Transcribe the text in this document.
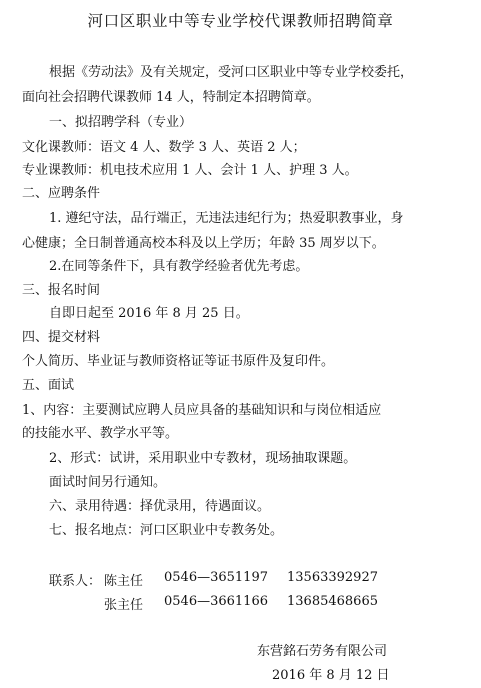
河口区职业中等专业学校代课教师招聘简章
根据《劳动法》及有关规定，受河口区职业中等专业学校委托，
面向社会招聘代课教师 14 人，特制定本招聘简章。
一、拟招聘学科（专业）
文化课教师：语文 4 人、数学 3 人、英语 2 人；
专业课教师：机电技术应用 1 人、会计 1 人、护理 3 人。
二、应聘条件
1. 遵纪守法，品行端正，无违法违纪行为；热爱职教事业，身
心健康；全日制普通高校本科及以上学历；年龄 35 周岁以下。
2.在同等条件下，具有教学经验者优先考虑。
三、报名时间
自即日起至 2016 年 8 月 25 日。
四、提交材料
个人简历、毕业证与教师资格证等证书原件及复印件。
五、面试
1、内容：主要测试应聘人员应具备的基础知识和与岗位相适应
的技能水平、教学水平等。
2、形式：试讲，采用职业中专教材，现场抽取课题。
面试时间另行通知。
六、录用待遇：择优录用，待遇面议。
七、报名地点：河口区职业中专教务处。
联系人： 陈主任 0546—3651197 13563392927
张主任 0546—3661166 13685468665
东营銘石劳务有限公司
2016 年 8 月 12 日
